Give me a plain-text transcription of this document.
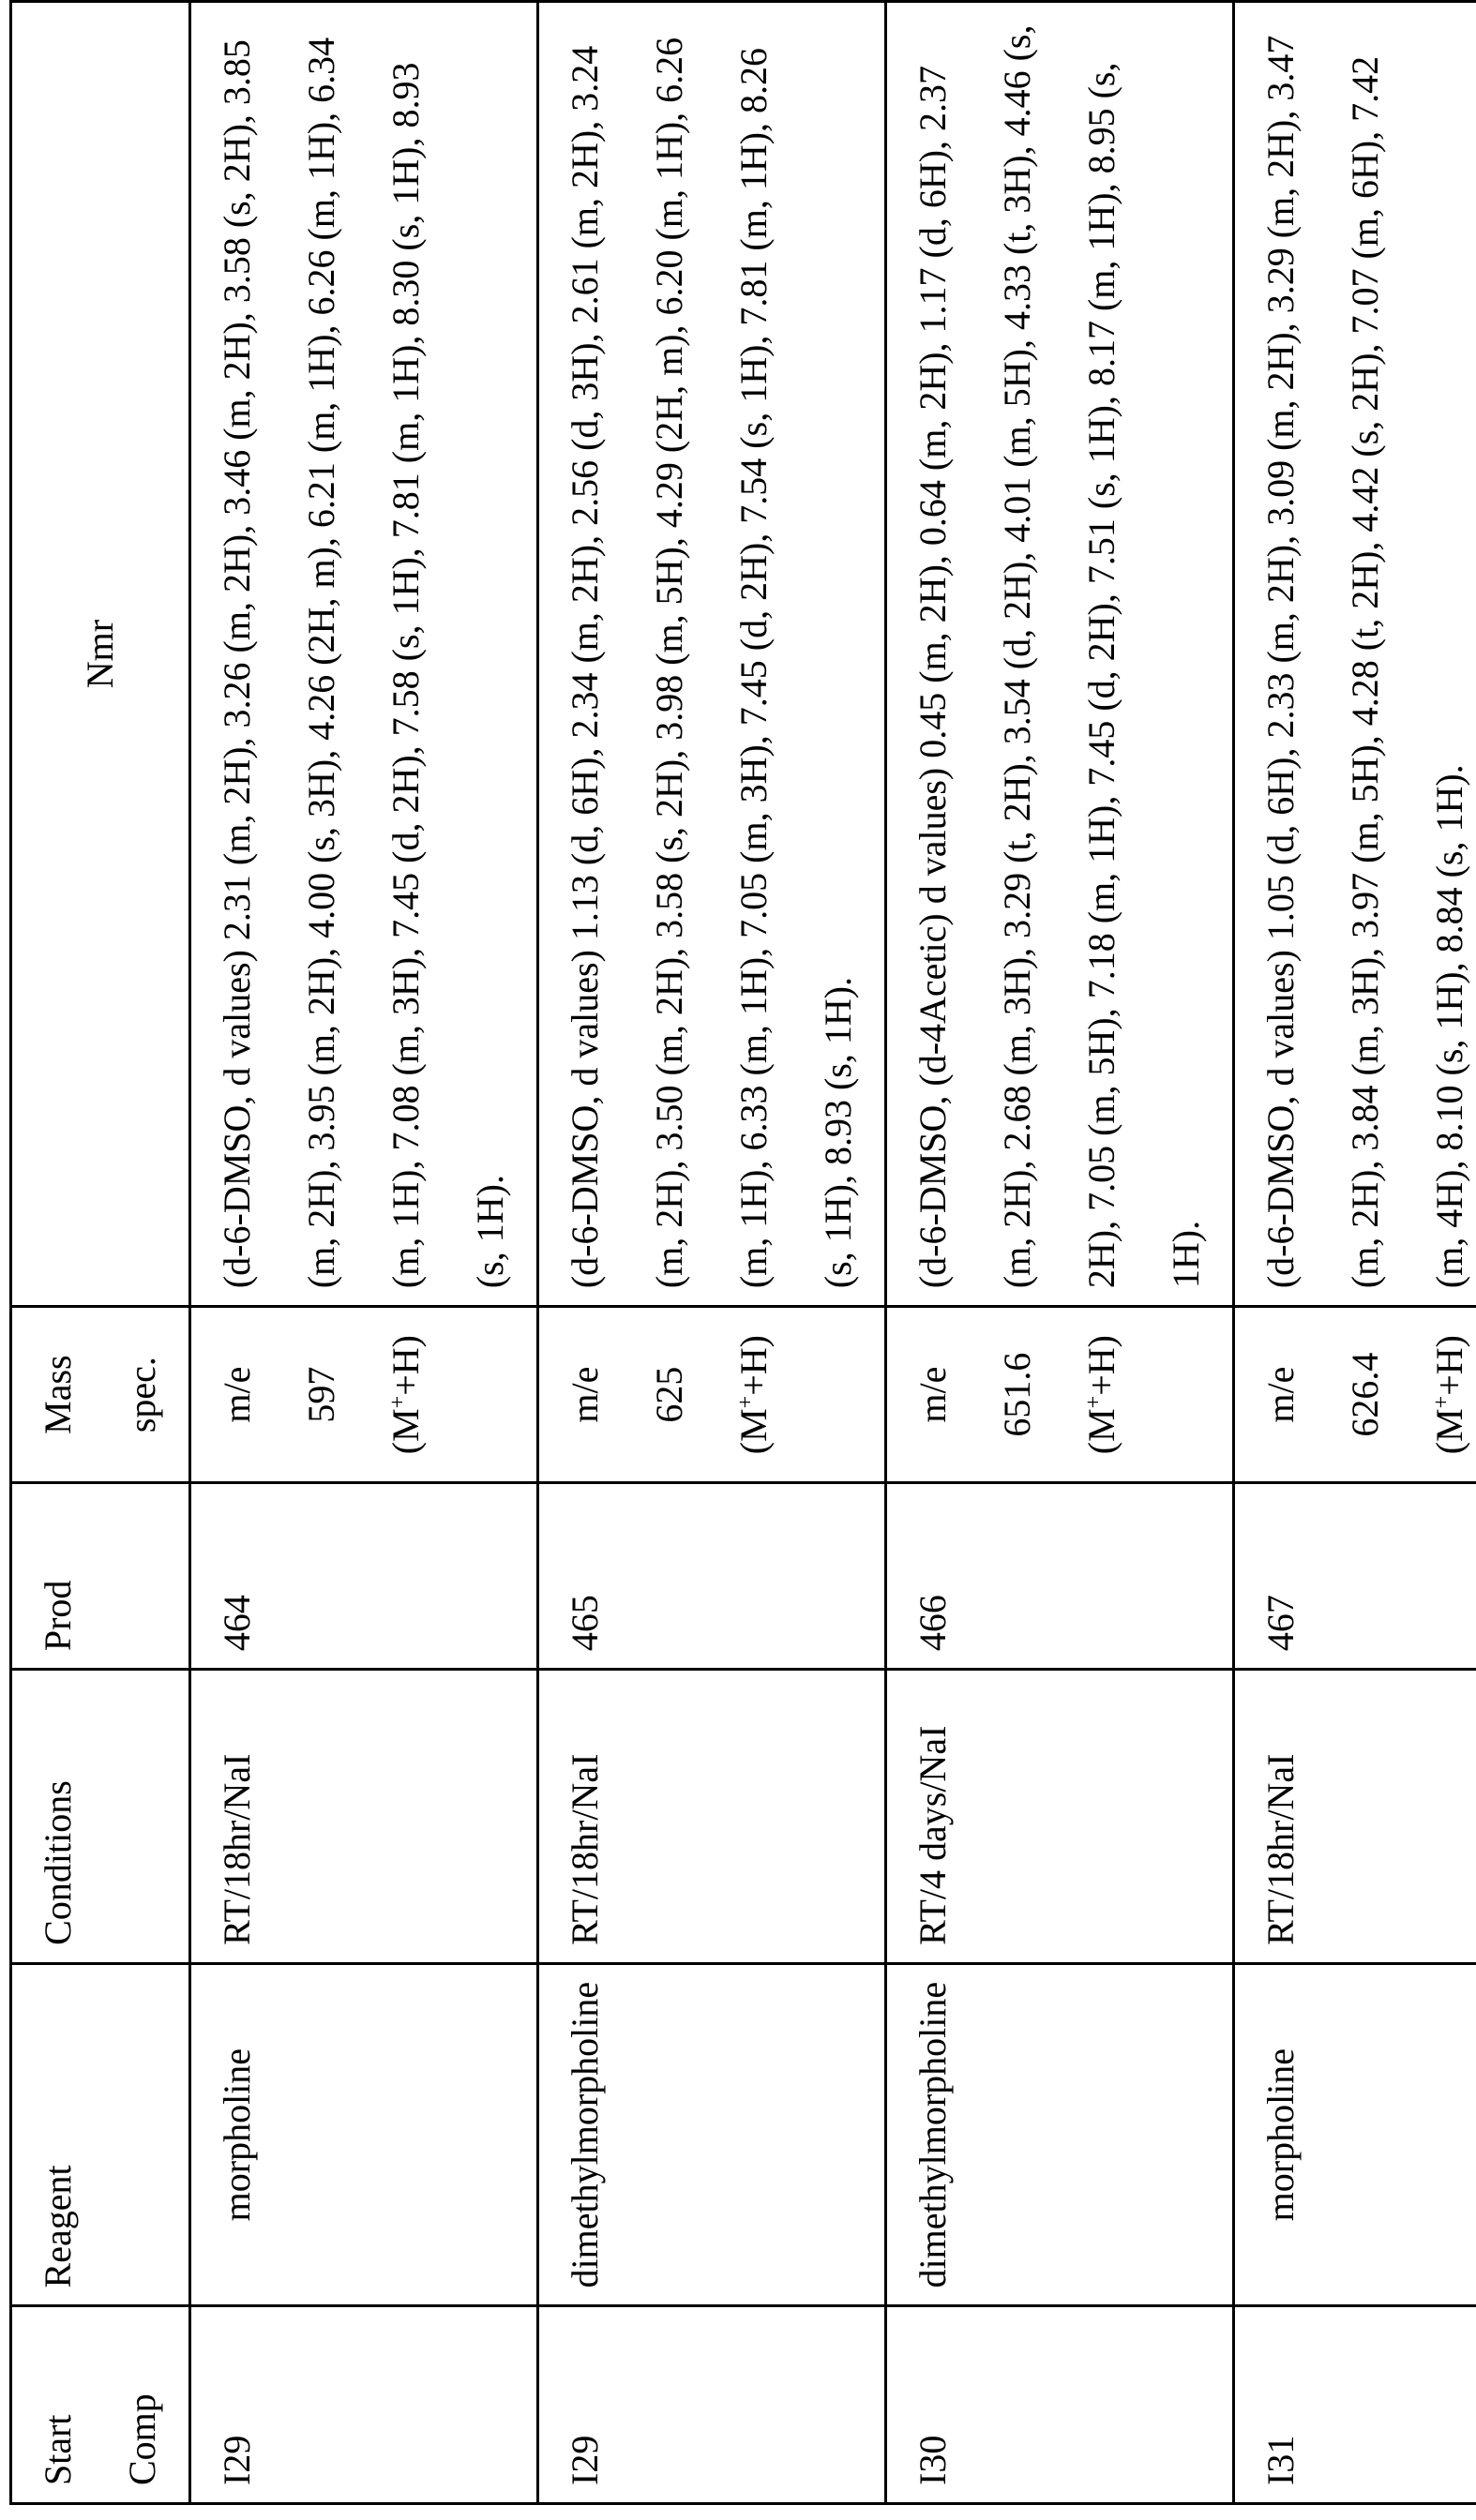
Start Comp	Reagent	Conditions	Prod	Mass spec.	Nmr
I29	morpholine	RT/18hr/NaI	464	
m/e	597
(M++H)
	(d-6-DMSO, d values) 2.31 (m, 2H), 3.26 (m, 2H), 3.46 (m, 2H), 3.58 (s, 2H), 3.85 (m, 2H), 3.95 (m, 2H), 4.00 (s, 3H), 4.26 (2H, m), 6.21 (m, 1H), 6.26 (m, 1H), 6.34 (m, 1H), 7.08 (m, 3H), 7.45 (d, 2H), 7.58 (s, 1H), 7.81 (m, 1H), 8.30 (s, 1H), 8.93 (s, 1H).
I29	dimethylmorpholine	RT/18hr/NaI	465	
m/e	625
(M++H)
	(d-6-DMSO, d values) 1.13 (d, 6H), 2.34 (m, 2H), 2.56 (d, 3H), 2.61 (m, 2H), 3.24 (m, 2H), 3.50 (m, 2H), 3.58 (s, 2H), 3.98 (m, 5H), 4.29 (2H, m), 6.20 (m, 1H), 6.26 (m, 1H), 6.33 (m, 1H), 7.05 (m, 3H), 7.45 (d, 2H), 7.54 (s, 1H), 7.81 (m, 1H), 8.26 (s, 1H), 8.93 (s, 1H).
I30	dimethylmorpholine	RT/4 days/NaI	466	
m/e	651.6
(M++H)
	(d-6-DMSO, (d-4Acetic) d values) 0.45 (m, 2H), 0.64 (m, 2H), 1.17 (d, 6H), 2.37 (m, 2H), 2.68 (m, 3H), 3.29 (t, 2H), 3.54 (d, 2H), 4.01 (m, 5H), 4.33 (t, 3H), 4.46 (s, 2H), 7.05 (m, 5H), 7.18 (m, 1H), 7.45 (d, 2H), 7.51 (s, 1H), 8.17 (m, 1H), 8.95 (s, 1H).
I31	morpholine	RT/18hr/NaI	467	
m/e	626.4
(M++H)
	(d-6-DMSO, d values) 1.05 (d, 6H), 2.33 (m, 2H), 3.09 (m, 2H), 3.29 (m, 2H), 3.47 (m, 2H), 3.84 (m, 3H), 3.97 (m, 5H), 4.28 (t, 2H), 4.42 (s, 2H), 7.07 (m, 6H), 7.42 (m, 4H), 8.10 (s, 1H), 8.84 (s, 1H).
